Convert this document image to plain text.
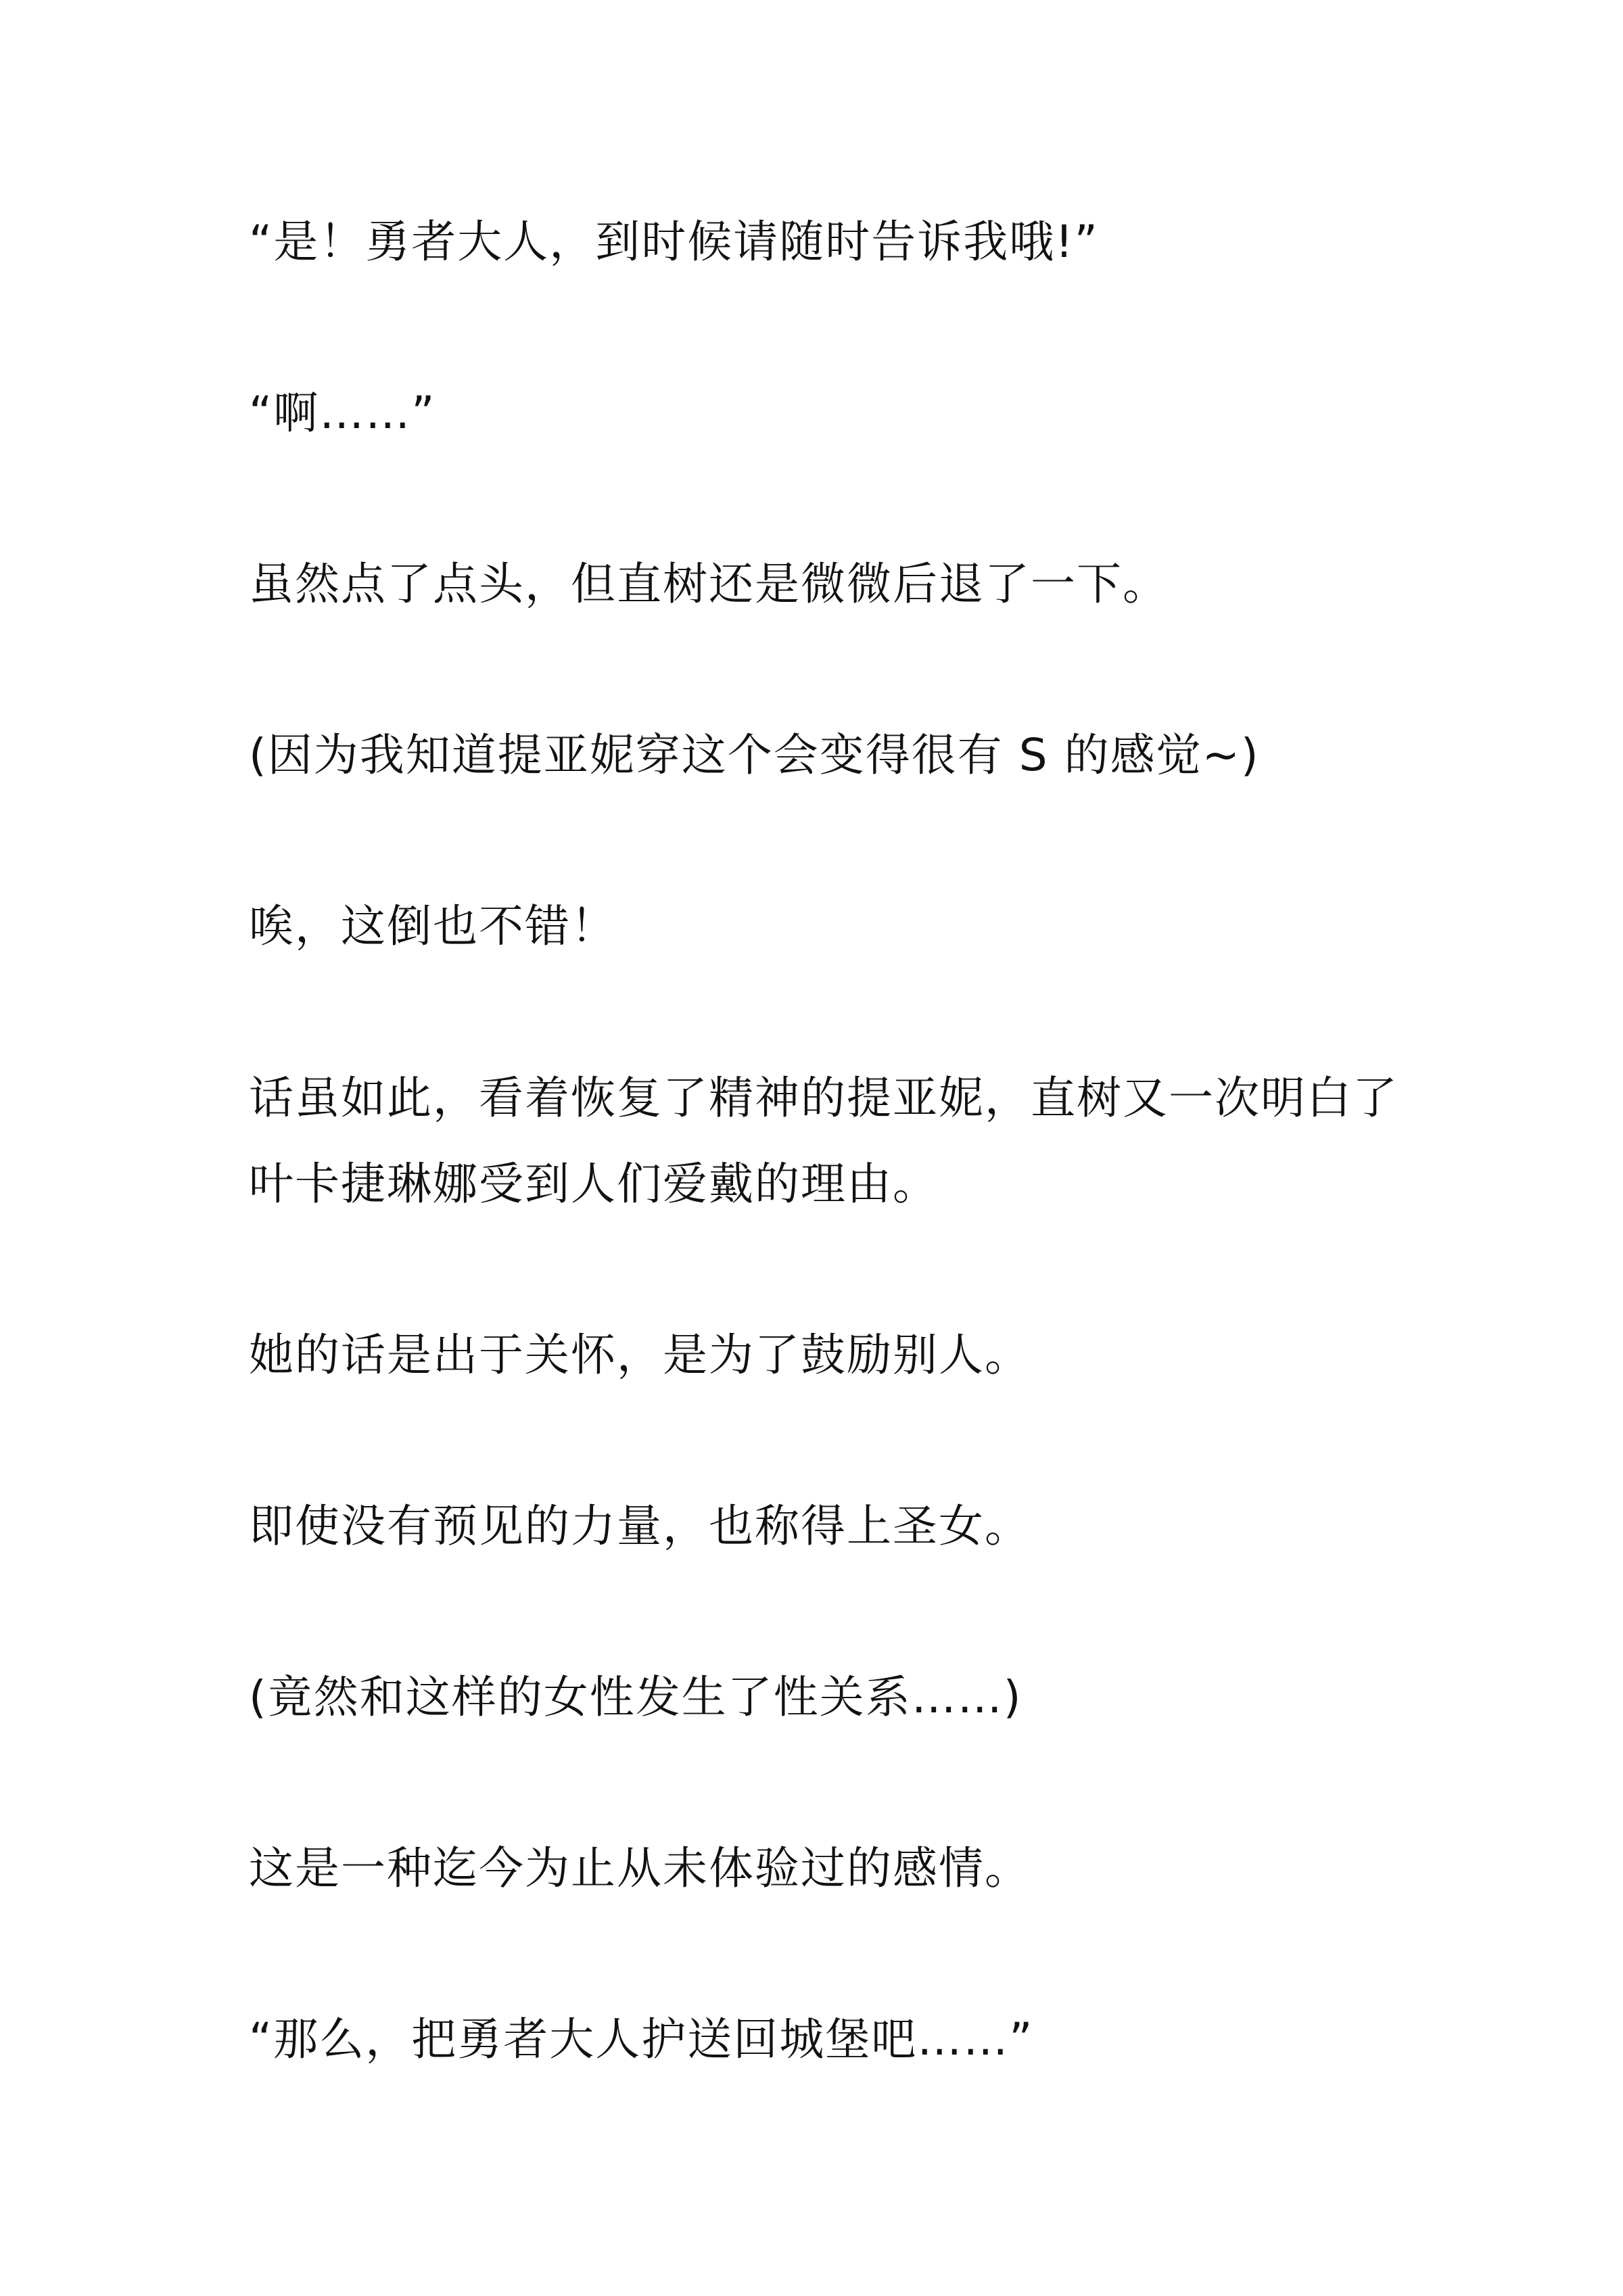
“是！勇者大人，到时候请随时告诉我哦!”

“啊……”

虽然点了点头，但直树还是微微后退了一下。

(因为我知道提亚妮穿这个会变得很有 S 的感觉~)

唉，这倒也不错！

话虽如此，看着恢复了精神的提亚妮，直树又一次明白了叶卡捷琳娜受到人们爱戴的理由。

她的话是出于关怀，是为了鼓励别人。

即使没有预见的力量，也称得上圣女。

(竟然和这样的女性发生了性关系……)

这是一种迄今为止从未体验过的感情。

“那么，把勇者大人护送回城堡吧……”
